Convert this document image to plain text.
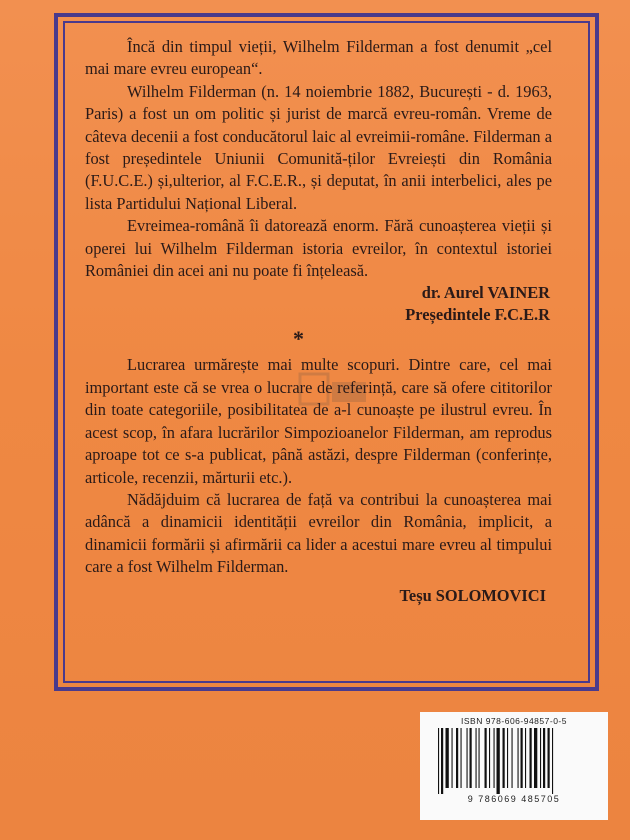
Încă din timpul vieții, Wilhelm Filderman a fost denumit „cel mai mare evreu european“.

Wilhelm Filderman (n. 14 noiembrie 1882, București - d. 1963, Paris) a fost un om politic și jurist de marcă evreu-român. Vreme de câteva decenii a fost conducătorul laic al evreimii-române. Filderman a fost președintele Uniunii Comunită-ților Evreiești din România (F.U.C.E.) și,ulterior, al F.C.E.R., și deputat, în anii interbelici, ales pe lista Partidului Național Liberal.

Evreimea-română îi datorează enorm. Fără cunoașterea vieții și operei lui Wilhelm Filderman istoria evreilor, în contextul istoriei României din acei ani nu poate fi înțeleasă.

dr. Aurel VAINER

Președintele F.C.E.R

*

Lucrarea urmărește mai multe scopuri. Dintre care, cel mai important este că se vrea o lucrare de referință, care să ofere cititorilor din toate categoriile, posibilitatea de a-l cunoaște pe ilustrul evreu. În acest scop, în afara lucrărilor Simpozioanelor Filderman, am reprodus aproape tot ce s-a publicat, până astăzi, despre Filderman (conferințe, articole, recenzii, mărturii etc.).

Nădăjduim că lucrarea de față va contribui la cunoașterea mai adâncă a dinamicii identității evreilor din România, implicit, a dinamicii formării și afirmării ca lider a acestui mare evreu al timpului care a fost Wilhelm Filderman.

Teșu SOLOMOVICI

ISBN 978-606-94857-0-5
9 786069 485705
